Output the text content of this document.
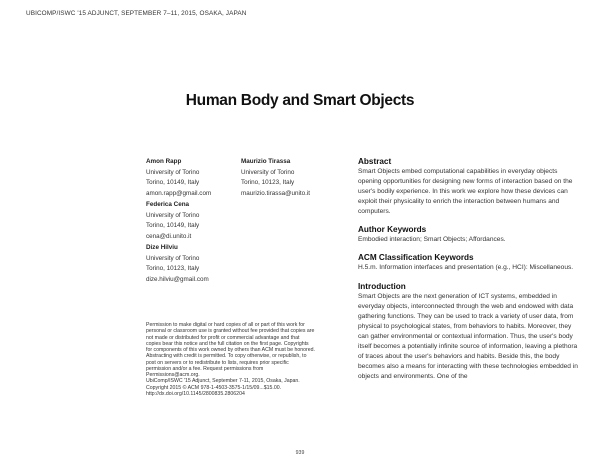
UBICOMP/ISWC '15 ADJUNCT, SEPTEMBER 7–11, 2015, OSAKA, JAPAN
Human Body and Smart Objects
Amon Rapp
University of Torino
Torino, 10149, Italy
amon.rapp@gmail.com
Federica Cena
University of Torino
Torino, 10149, Italy
cena@di.unito.it
Dize Hilviu
University of Torino
Torino, 10123, Italy
dize.hilviu@gmail.com
Maurizio Tirassa
University of Torino
Torino, 10123, Italy
maurizio.tirassa@unito.it
Permission to make digital or hard copies of all or part of this work for
personal or classroom use is granted without fee provided that copies are
not made or distributed for profit or commercial advantage and that
copies bear this notice and the full citation on the first page. Copyrights
for components of this work owned by others than ACM must be honored.
Abstracting with credit is permitted. To copy otherwise, or republish, to
post on servers or to redistribute to lists, requires prior specific
permission and/or a fee. Request permissions from
Permissions@acm.org.
UbiComp/ISWC '15 Adjunct, September 7-11, 2015, Osaka, Japan.
Copyright 2015 © ACM 978-1-4503-3575-1/15/09...$15.00.
http://dx.doi.org/10.1145/2800835.2806204
Abstract

Smart Objects embed computational capabilities in everyday objects opening opportunities for designing new forms of interaction based on the user's bodily experience. In this work we explore how these devices can exploit their physicality to enrich the interaction between humans and computers.

Author Keywords

Embodied interaction; Smart Objects; Affordances.

ACM Classification Keywords

H.5.m. Information interfaces and presentation (e.g., HCI): Miscellaneous.

Introduction

Smart Objects are the next generation of ICT systems, embedded in everyday objects, interconnected through the web and endowed with data gathering functions. They can be used to track a variety of user data, from physical to psychological states, from behaviors to habits. Moreover, they can gather environmental or contextual information. Thus, the user's body itself becomes a potentially infinite source of information, leaving a plethora of traces about the user's behaviors and habits. Beside this, the body becomes also a means for interacting with these technologies embedded in objects and environments. One of the

939
